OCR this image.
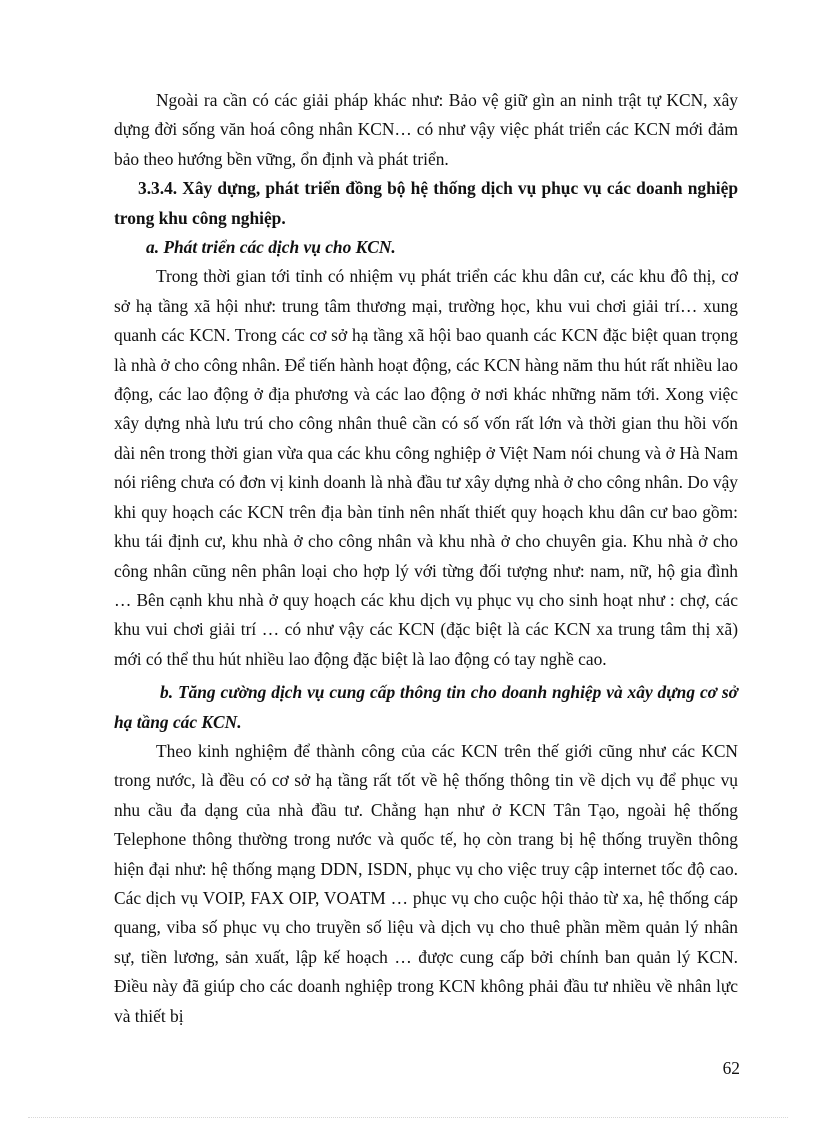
Ngoài ra cần có các giải pháp khác như: Bảo vệ giữ gìn an ninh trật tự KCN, xây dựng đời sống văn hoá công nhân KCN… có như vậy việc phát triển các KCN mới đảm bảo theo hướng bền vững, ổn định và phát triển.

3.3.4. Xây dựng, phát triển đồng bộ hệ thống dịch vụ phục vụ các doanh nghiệp trong khu công nghiệp.

a. Phát triển các dịch vụ cho KCN.

Trong thời gian tới tỉnh có nhiệm vụ phát triển các khu dân cư, các khu đô thị, cơ sở hạ tầng xã hội như: trung tâm thương mại, trường học, khu vui chơi giải trí… xung quanh các KCN. Trong các cơ sở hạ tầng xã hội bao quanh các KCN đặc biệt quan trọng là nhà ở cho công nhân. Để tiến hành hoạt động, các KCN hàng năm thu hút rất nhiều lao động, các lao động ở địa phương và các lao động ở nơi khác những năm tới. Xong việc xây dựng nhà lưu trú cho công nhân thuê cần có số vốn rất lớn và thời gian thu hồi vốn dài nên trong thời gian vừa qua các khu công nghiệp ở Việt Nam nói chung và ở Hà Nam nói riêng chưa có đơn vị kinh doanh là nhà đầu tư xây dựng nhà ở cho công nhân. Do vậy khi quy hoạch các KCN trên địa bàn tỉnh nên nhất thiết quy hoạch khu dân cư bao gồm: khu tái định cư, khu nhà ở cho công nhân và khu nhà ở cho chuyên gia. Khu nhà ở cho công nhân cũng nên phân loại cho hợp lý với từng đối tượng như: nam, nữ, hộ gia đình … Bên cạnh khu nhà ở quy hoạch các khu dịch vụ phục vụ cho sinh hoạt như : chợ, các khu vui chơi giải trí … có như vậy các KCN (đặc biệt là các KCN xa trung tâm thị xã) mới có thể thu hút nhiều lao động đặc biệt là lao động có tay nghề cao.

b. Tăng cường dịch vụ cung cấp thông tin cho doanh nghiệp và xây dựng cơ sở hạ tầng các KCN.

Theo kinh nghiệm để thành công của các KCN trên thế giới cũng như các KCN trong nước, là đều có cơ sở hạ tầng rất tốt về hệ thống thông tin về dịch vụ để phục vụ nhu cầu đa dạng của nhà đầu tư. Chẳng hạn như ở KCN Tân Tạo, ngoài hệ thống Telephone thông thường trong nước và quốc tế, họ còn trang bị hệ thống truyền thông hiện đại như: hệ thống mạng DDN, ISDN, phục vụ cho việc truy cập internet tốc độ cao. Các dịch vụ VOIP, FAX OIP, VOATM … phục vụ cho cuộc hội thảo từ xa, hệ thống cáp quang, viba số phục vụ cho truyền số liệu và dịch vụ cho thuê phần mềm quản lý nhân sự, tiền lương, sản xuất, lập kế hoạch … được cung cấp bởi chính ban quản lý KCN. Điều này đã giúp cho các doanh nghiệp trong KCN không phải đầu tư nhiều về nhân lực và thiết bị

62
